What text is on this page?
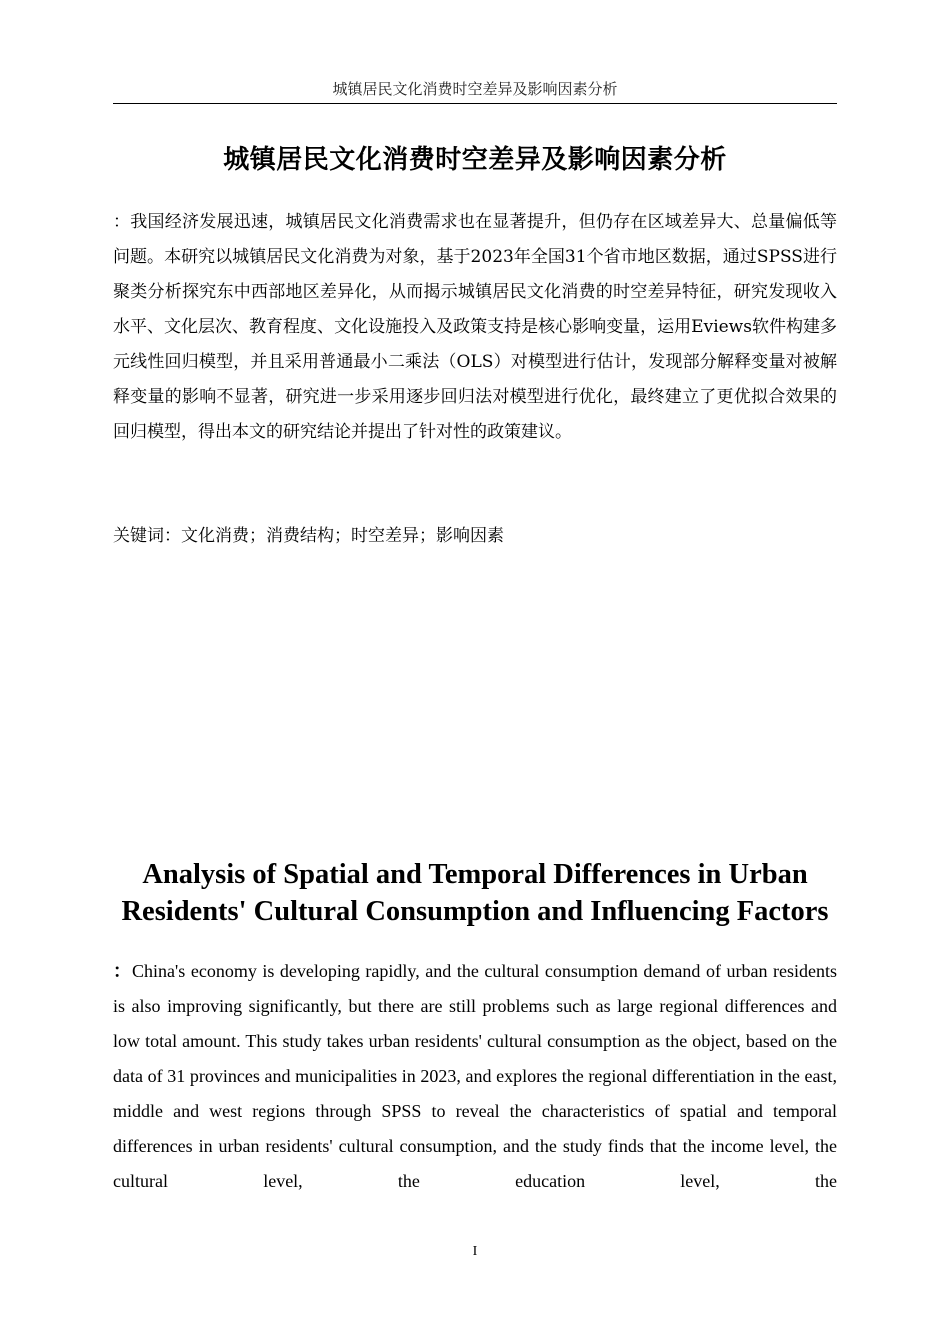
城镇居民文化消费时空差异及影响因素分析
城镇居民文化消费时空差异及影响因素分析

：我国经济发展迅速，城镇居民文化消费需求也在显著提升，但仍存在区域差异大、总量偏低等问题。本研究以城镇居民文化消费为对象，基于2023年全国31个省市地区数据，通过SPSS进行聚类分析探究东中西部地区差异化，从而揭示城镇居民文化消费的时空差异特征，研究发现收入水平、文化层次、教育程度、文化设施投入及政策支持是核心影响变量，运用Eviews软件构建多元线性回归模型，并且采用普通最小二乘法（OLS）对模型进行估计，发现部分解释变量对被解释变量的影响不显著，研究进一步采用逐步回归法对模型进行优化，最终建立了更优拟合效果的回归模型，得出本文的研究结论并提出了针对性的政策建议。

关键词：文化消费；消费结构；时空差异；影响因素

Analysis of Spatial and Temporal Differences in Urban Residents' Cultural Consumption and Influencing Factors

：China's economy is developing rapidly, and the cultural consumption demand of urban residents is also improving significantly, but there are still problems such as large regional differences and low total amount. This study takes urban residents' cultural consumption as the object, based on the data of 31 provinces and municipalities in 2023, and explores the regional differentiation in the east, middle and west regions through SPSS to reveal the characteristics of spatial and temporal differences in urban residents' cultural consumption, and the study finds that the income level, the cultural level, the education level, the

I
